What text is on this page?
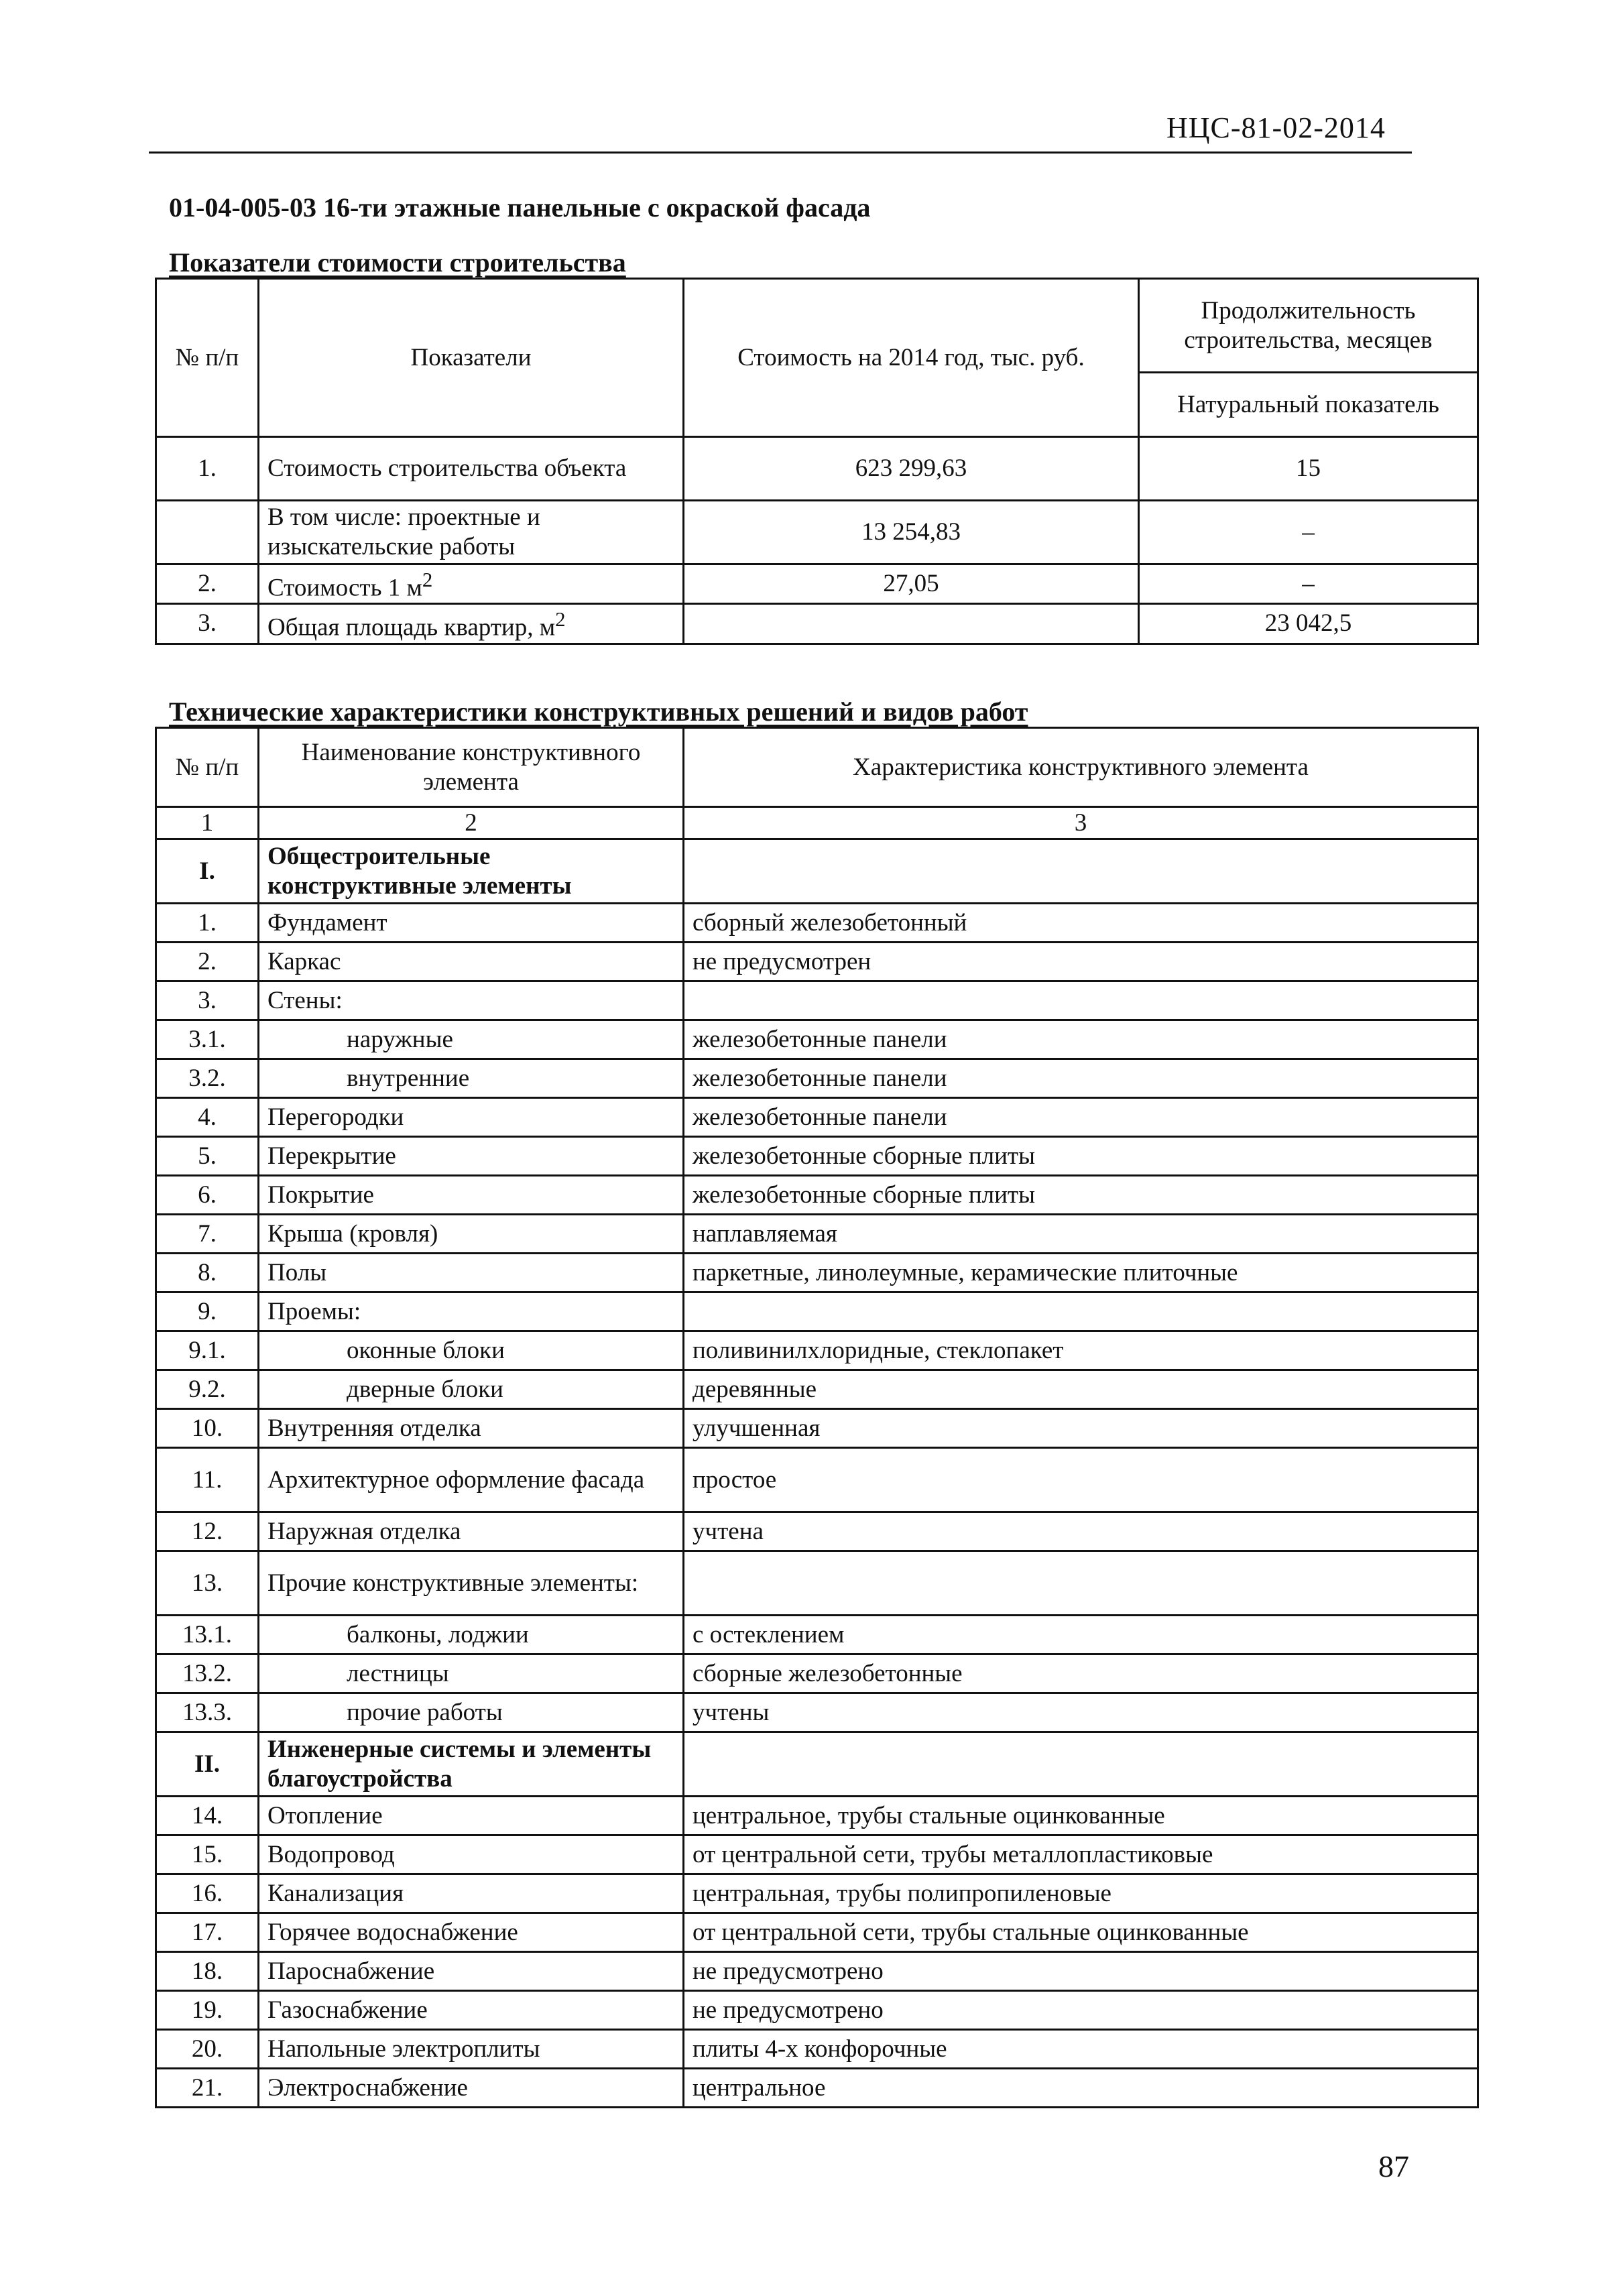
НЦС-81-02-2014
01-04-005-03 16-ти этажные панельные с окраской фасада
Показатели стоимости строительства
№ п/п	Показатели	Стоимость на 2014 год, тыс. руб.	Продолжительность строительства, месяцев
			Натуральный показатель
1.	Стоимость строительства объекта	623 299,63	15
	В том числе: проектные и изыскательские работы	13 254,83	–
2.	Стоимость 1 $м^2$	27,05	–
3.	Общая площадь квартир, $м^2$		23 042,5
Технические характеристики конструктивных решений и видов работ
№ п/п	Наименование конструктивного элемента	Характеристика конструктивного элемента
1	2	3
I.	Общестроительные конструктивные элементы	
1.	Фундамент	сборный железобетонный
2.	Каркас	не предусмотрен
3.	Стены:	
3.1.	наружные	железобетонные панели
3.2.	внутренние	железобетонные панели
4.	Перегородки	железобетонные панели
5.	Перекрытие	железобетонные сборные плиты
6.	Покрытие	железобетонные сборные плиты
7.	Крыша (кровля)	наплавляемая
8.	Полы	паркетные, линолеумные, керамические плиточные
9.	Проемы:	
9.1.	оконные блоки	поливинилхлоридные, стеклопакет
9.2.	дверные блоки	деревянные
10.	Внутренняя отделка	улучшенная
11.	Архитектурное оформление фасада	простое
12.	Наружная отделка	учтена
13.	Прочие конструктивные элементы:	
13.1.	балконы, лоджии	с остеклением
13.2.	лестницы	сборные железобетонные
13.3.	прочие работы	учтены
II.	Инженерные системы и элементы благоустройства	
14.	Отопление	центральное, трубы стальные оцинкованные
15.	Водопровод	от центральной сети, трубы металлопластиковые
16.	Канализация	центральная, трубы полипропиленовые
17.	Горячее водоснабжение	от центральной сети, трубы стальные оцинкованные
18.	Пароснабжение	не предусмотрено
19.	Газоснабжение	не предусмотрено
20.	Напольные электроплиты	плиты 4-х конфорочные
21.	Электроснабжение	центральное
87
